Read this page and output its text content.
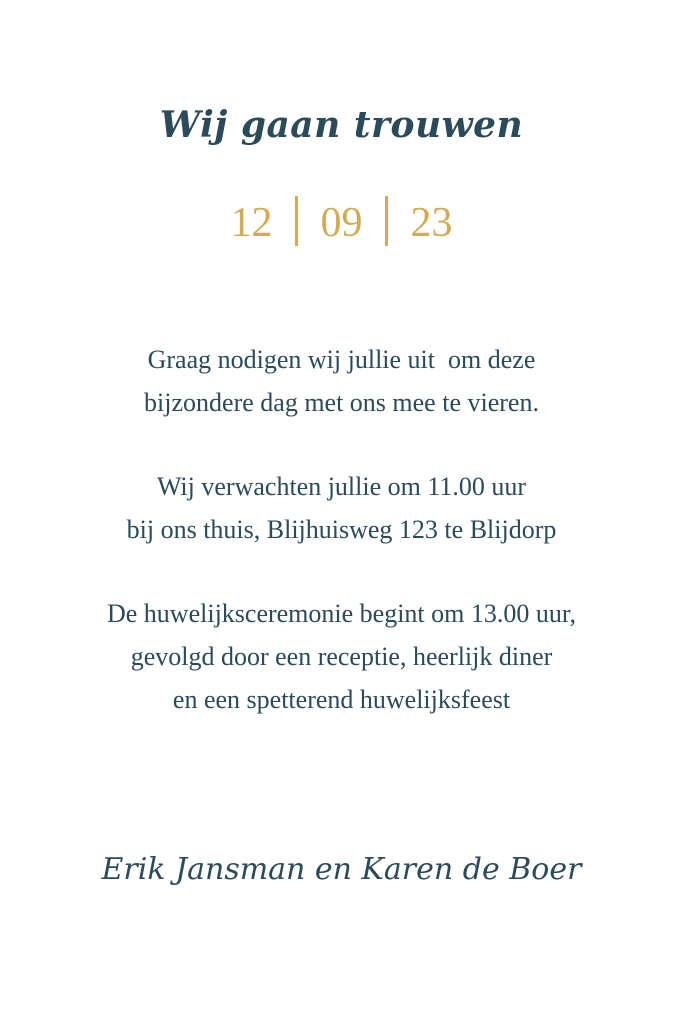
Wij gaan trouwen
12 09 23

Graag nodigen wij jullie uit  om deze
bijzondere dag met ons mee te vieren.

Wij verwachten jullie om 11.00 uur
bij ons thuis, Blijhuisweg 123 te Blijdorp

De huwelijksceremonie begint om 13.00 uur,
gevolgd door een receptie, heerlijk diner
en een spetterend huwelijksfeest

Erik Jansman en Karen de Boer
